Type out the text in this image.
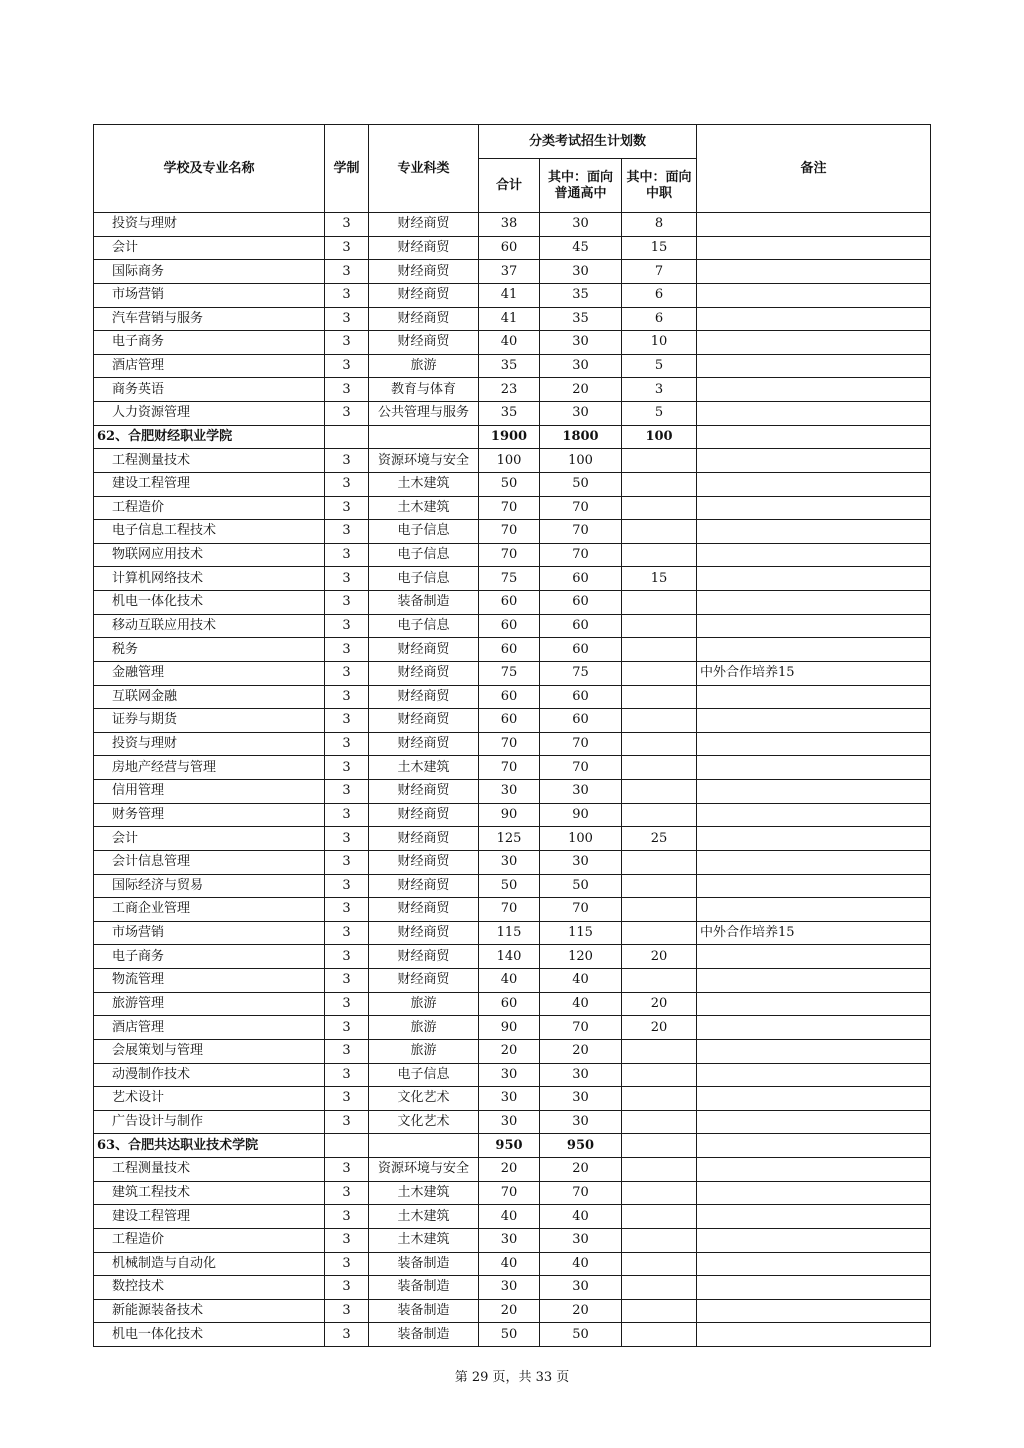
学校及专业名称	学制	专业科类	分类考试招生计划数			备注
			合计	其中：面向普通高中	其中：面向中职	
投资与理财	3	财经商贸	38	30	8	
会计	3	财经商贸	60	45	15	
国际商务	3	财经商贸	37	30	7	
市场营销	3	财经商贸	41	35	6	
汽车营销与服务	3	财经商贸	41	35	6	
电子商务	3	财经商贸	40	30	10	
酒店管理	3	旅游	35	30	5	
商务英语	3	教育与体育	23	20	3	
人力资源管理	3	公共管理与服务	35	30	5	
62、合肥财经职业学院			1900	1800	100	
工程测量技术	3	资源环境与安全	100	100		
建设工程管理	3	土木建筑	50	50		
工程造价	3	土木建筑	70	70		
电子信息工程技术	3	电子信息	70	70		
物联网应用技术	3	电子信息	70	70		
计算机网络技术	3	电子信息	75	60	15	
机电一体化技术	3	装备制造	60	60		
移动互联应用技术	3	电子信息	60	60		
税务	3	财经商贸	60	60		
金融管理	3	财经商贸	75	75		中外合作培养15
互联网金融	3	财经商贸	60	60		
证券与期货	3	财经商贸	60	60		
投资与理财	3	财经商贸	70	70		
房地产经营与管理	3	土木建筑	70	70		
信用管理	3	财经商贸	30	30		
财务管理	3	财经商贸	90	90		
会计	3	财经商贸	125	100	25	
会计信息管理	3	财经商贸	30	30		
国际经济与贸易	3	财经商贸	50	50		
工商企业管理	3	财经商贸	70	70		
市场营销	3	财经商贸	115	115		中外合作培养15
电子商务	3	财经商贸	140	120	20	
物流管理	3	财经商贸	40	40		
旅游管理	3	旅游	60	40	20	
酒店管理	3	旅游	90	70	20	
会展策划与管理	3	旅游	20	20		
动漫制作技术	3	电子信息	30	30		
艺术设计	3	文化艺术	30	30		
广告设计与制作	3	文化艺术	30	30		
63、合肥共达职业技术学院			950	950		
工程测量技术	3	资源环境与安全	20	20		
建筑工程技术	3	土木建筑	70	70		
建设工程管理	3	土木建筑	40	40		
工程造价	3	土木建筑	30	30		
机械制造与自动化	3	装备制造	40	40		
数控技术	3	装备制造	30	30		
新能源装备技术	3	装备制造	20	20		
机电一体化技术	3	装备制造	50	50		
第 29 页，共 33 页
